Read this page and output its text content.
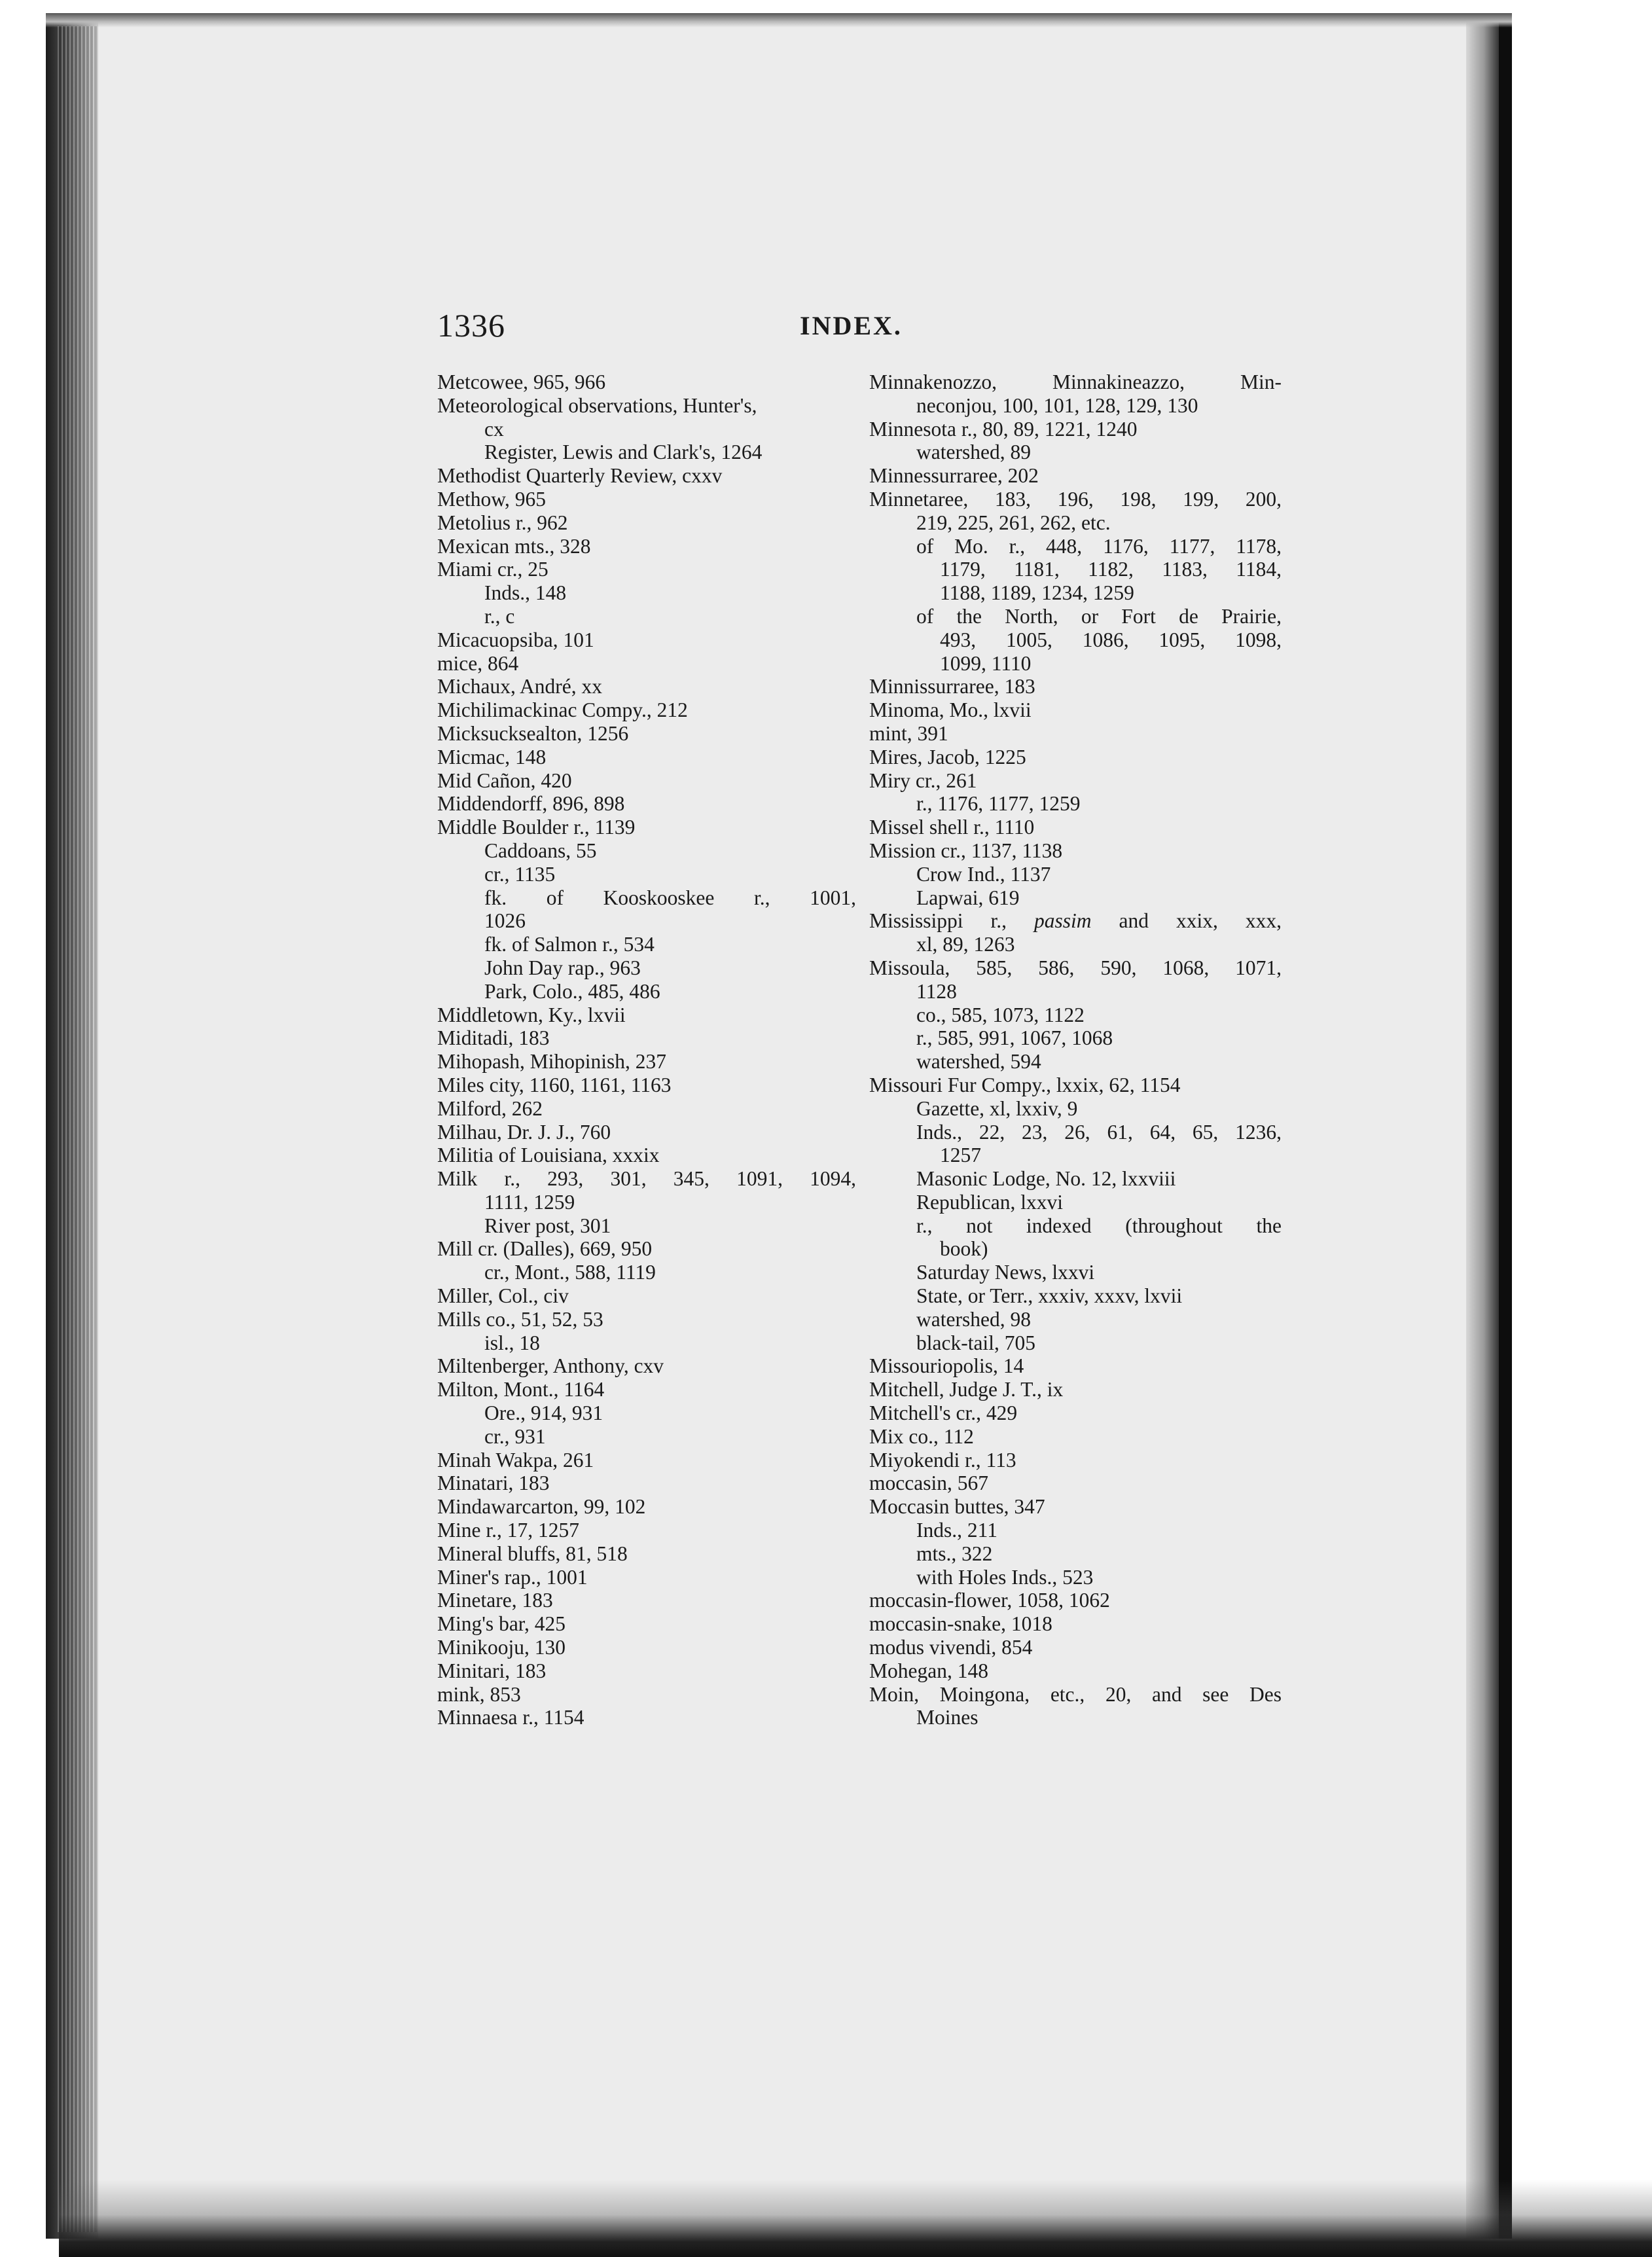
1336	INDEX.
Metcowee, 965, 966
Meteorological observations, Hunter's,
cx
Register, Lewis and Clark's, 1264
Methodist Quarterly Review, cxxv
Methow, 965
Metolius r., 962
Mexican mts., 328
Miami cr., 25
Inds., 148
r., c
Micacuopsiba, 101
mice, 864
Michaux, André, xx
Michilimackinac Compy., 212
Micksucksealton, 1256
Micmac, 148
Mid Cañon, 420
Middendorff, 896, 898
Middle Boulder r., 1139
Caddoans, 55
cr., 1135
fk. of Kooskooskee r., 1001,
1026
fk. of Salmon r., 534
John Day rap., 963
Park, Colo., 485, 486
Middletown, Ky., lxvii
Miditadi, 183
Mihopash, Mihopinish, 237
Miles city, 1160, 1161, 1163
Milford, 262
Milhau, Dr. J. J., 760
Militia of Louisiana, xxxix
Milk r., 293, 301, 345, 1091, 1094,
1111, 1259
River post, 301
Mill cr. (Dalles), 669, 950
cr., Mont., 588, 1119
Miller, Col., civ
Mills co., 51, 52, 53
isl., 18
Miltenberger, Anthony, cxv
Milton, Mont., 1164
Ore., 914, 931
cr., 931
Minah Wakpa, 261
Minatari, 183
Mindawarcarton, 99, 102
Mine r., 17, 1257
Mineral bluffs, 81, 518
Miner's rap., 1001
Minetare, 183
Ming's bar, 425
Minikooju, 130
Minitari, 183
mink, 853
Minnaesa r., 1154
Minnakenozzo, Minnakineazzo, Min-
neconjou, 100, 101, 128, 129, 130
Minnesota r., 80, 89, 1221, 1240
watershed, 89
Minnessurraree, 202
Minnetaree, 183, 196, 198, 199, 200,
219, 225, 261, 262, etc.
of Mo. r., 448, 1176, 1177, 1178,
1179, 1181, 1182, 1183, 1184,
1188, 1189, 1234, 1259
of the North, or Fort de Prairie,
493, 1005, 1086, 1095, 1098,
1099, 1110
Minnissurraree, 183
Minoma, Mo., lxvii
mint, 391
Mires, Jacob, 1225
Miry cr., 261
r., 1176, 1177, 1259
Missel shell r., 1110
Mission cr., 1137, 1138
Crow Ind., 1137
Lapwai, 619
Mississippi r., passim and xxix, xxx,
xl, 89, 1263
Missoula, 585, 586, 590, 1068, 1071,
1128
co., 585, 1073, 1122
r., 585, 991, 1067, 1068
watershed, 594
Missouri Fur Compy., lxxix, 62, 1154
Gazette, xl, lxxiv, 9
Inds., 22, 23, 26, 61, 64, 65, 1236,
1257
Masonic Lodge, No. 12, lxxviii
Republican, lxxvi
r., not indexed (throughout the
book)
Saturday News, lxxvi
State, or Terr., xxxiv, xxxv, lxvii
watershed, 98
black-tail, 705
Missouriopolis, 14
Mitchell, Judge J. T., ix
Mitchell's cr., 429
Mix co., 112
Miyokendi r., 113
moccasin, 567
Moccasin buttes, 347
Inds., 211
mts., 322
with Holes Inds., 523
moccasin-flower, 1058, 1062
moccasin-snake, 1018
modus vivendi, 854
Mohegan, 148
Moin, Moingona, etc., 20, and see Des
Moines
